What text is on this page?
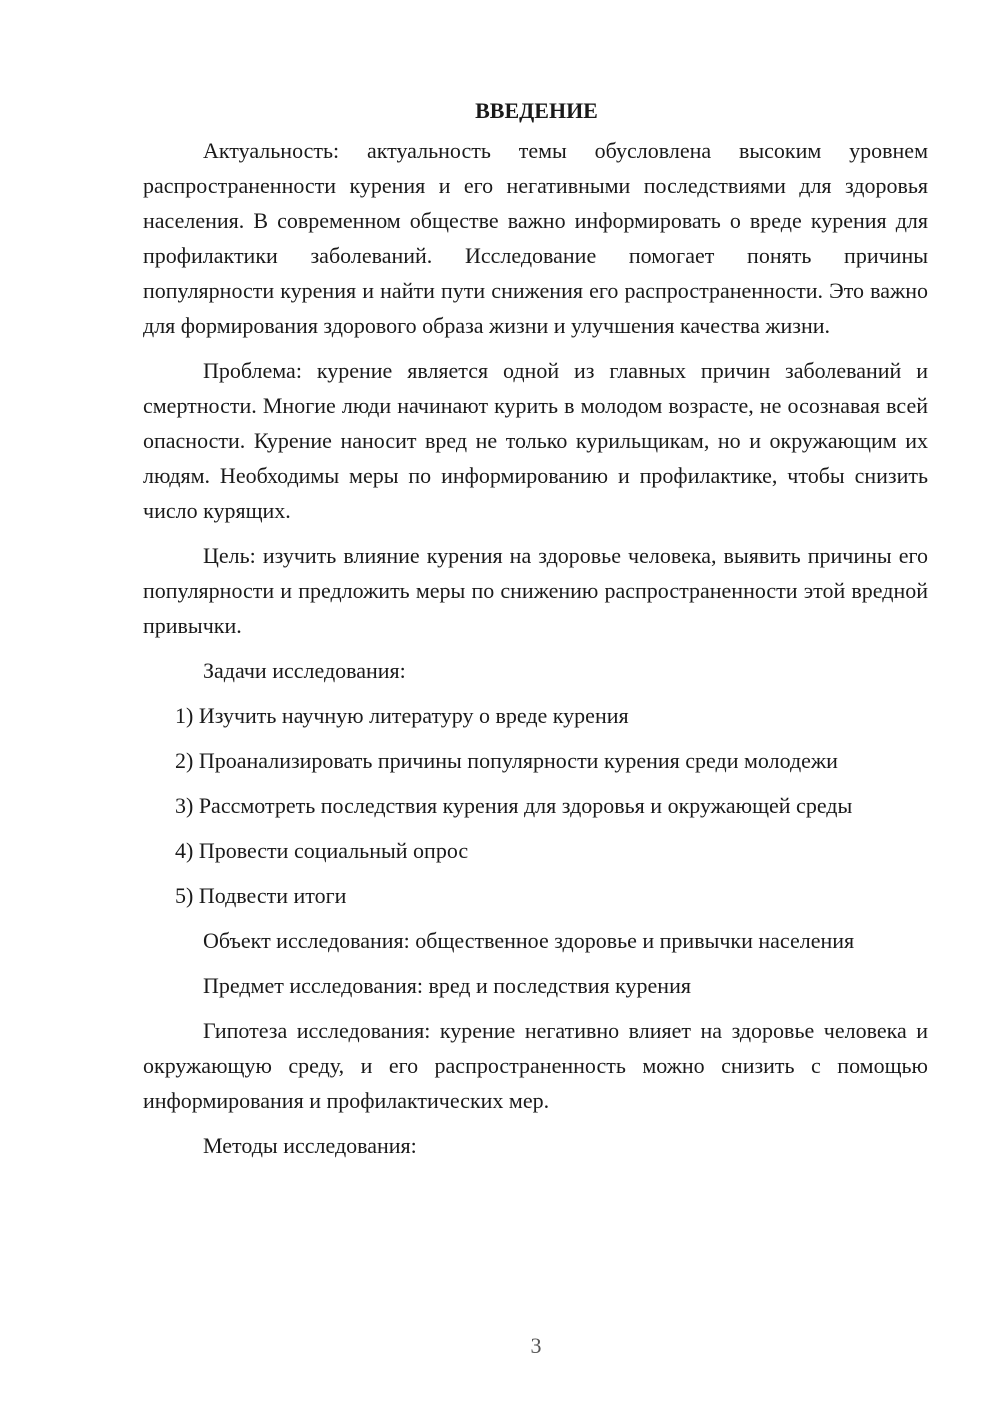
ВВЕДЕНИЕ

Актуальность: актуальность темы обусловлена высоким уровнем распространенности курения и его негативными последствиями для здоровья населения. В современном обществе важно информировать о вреде курения для профилактики заболеваний. Исследование помогает понять причины популярности курения и найти пути снижения его распространенности. Это важно для формирования здорового образа жизни и улучшения качества жизни.

Проблема: курение является одной из главных причин заболеваний и смертности. Многие люди начинают курить в молодом возрасте, не осознавая всей опасности. Курение наносит вред не только курильщикам, но и окружающим их людям. Необходимы меры по информированию и профилактике, чтобы снизить число курящих.

Цель: изучить влияние курения на здоровье человека, выявить причины его популярности и предложить меры по снижению распространенности этой вредной привычки.

Задачи исследования:

1) Изучить научную литературу о вреде курения

2) Проанализировать причины популярности курения среди молодежи

3) Рассмотреть последствия курения для здоровья и окружающей среды

4) Провести социальный опрос

5) Подвести итоги

Объект исследования: общественное здоровье и привычки населения

Предмет исследования: вред и последствия курения

Гипотеза исследования: курение негативно влияет на здоровье человека и окружающую среду, и его распространенность можно снизить с помощью информирования и профилактических мер.

Методы исследования:

3
